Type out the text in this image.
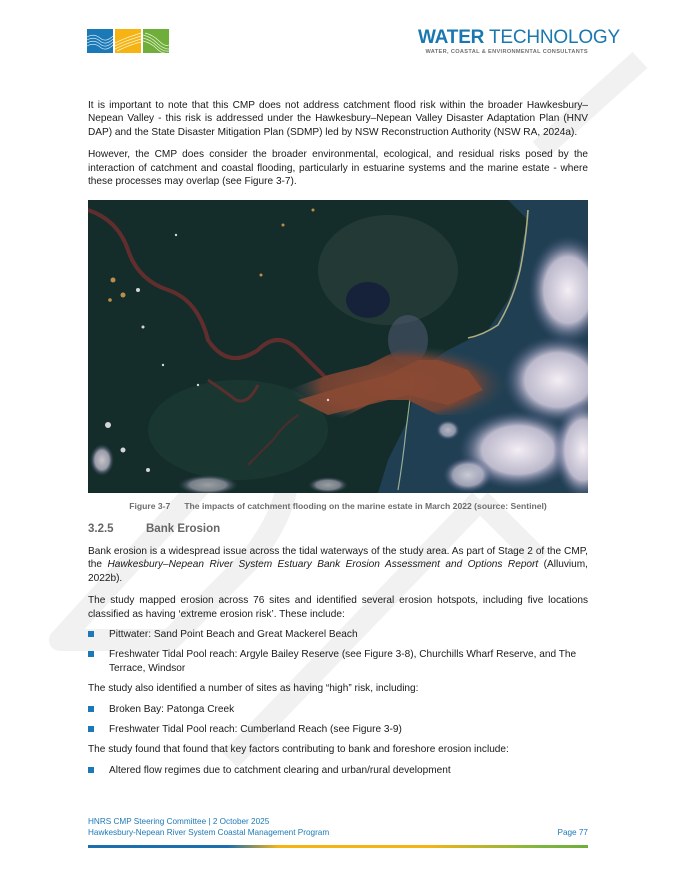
WATER TECHNOLOGY
WATER, COASTAL & ENVIRONMENTAL CONSULTANTS

It is important to note that this CMP does not address catchment flood risk within the broader Hawkesbury–Nepean Valley - this risk is addressed under the Hawkesbury–Nepean Valley Disaster Adaptation Plan (HNV DAP) and the State Disaster Mitigation Plan (SDMP) led by NSW Reconstruction Authority (NSW RA, 2024a).

However, the CMP does consider the broader environmental, ecological, and residual risks posed by the interaction of catchment and coastal flooding, particularly in estuarine systems and the marine estate - where these processes may overlap (see Figure 3-7).

Figure 3-7 The impacts of catchment flooding on the marine estate in March 2022 (source: Sentinel)
3.2.5	Bank Erosion

Bank erosion is a widespread issue across the tidal waterways of the study area. As part of Stage 2 of the CMP, the Hawkesbury–Nepean River System Estuary Bank Erosion Assessment and Options Report (Alluvium, 2022b).

The study mapped erosion across 76 sites and identified several erosion hotspots, including five locations classified as having ‘extreme erosion risk’. These include:

Pittwater: Sand Point Beach and Great Mackerel Beach
Freshwater Tidal Pool reach: Argyle Bailey Reserve (see Figure 3-8), Churchills Wharf Reserve, and The Terrace, Windsor

The study also identified a number of sites as having “high” risk, including:

Broken Bay: Patonga Creek
Freshwater Tidal Pool reach: Cumberland Reach (see Figure 3-9)

The study found that found that key factors contributing to bank and foreshore erosion include:

Altered flow regimes due to catchment clearing and urban/rural development
HNRS CMP Steering Committee | 2 October 2025
Hawkesbury-Nepean River System Coastal Management Program	Page 77
